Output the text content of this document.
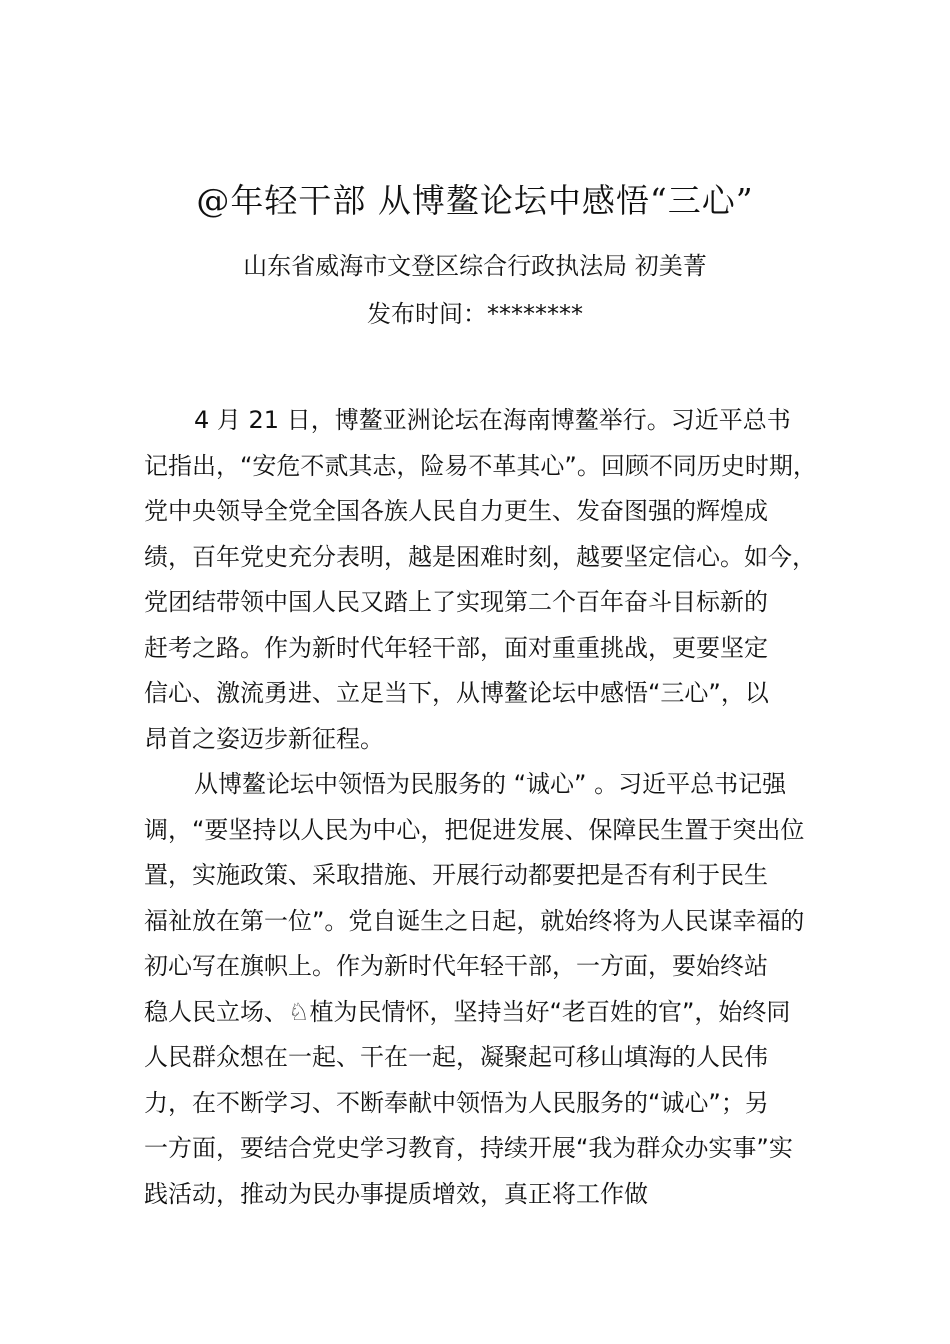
@年轻干部 从博鳌论坛中感悟“三心”
山东省威海市文登区综合行政执法局 初美菁
发布时间：********
4 月 21 日，博鳌亚洲论坛在海南博鳌举行。习近平总书
记指出，“安危不贰其志，险易不革其心”。回顾不同历史时期，
党中央领导全党全国各族人民自力更生、发奋图强的辉煌成
绩，百年党史充分表明，越是困难时刻，越要坚定信心。如今，
党团结带领中国人民又踏上了实现第二个百年奋斗目标新的
赶考之路。作为新时代年轻干部，面对重重挑战，更要坚定
信心、激流勇进、立足当下，从博鳌论坛中感悟“三心”，以
昂首之姿迈步新征程。
从博鳌论坛中领悟为民服务的 “诚心” 。习近平总书记强
调，“要坚持以人民为中心，把促进发展、保障民生置于突出位
置，实施政策、采取措施、开展行动都要把是否有利于民生
福祉放在第一位”。党自诞生之日起，就始终将为人民谋幸福的
初心写在旗帜上。作为新时代年轻干部，一方面，要始终站
稳人民立场、♘植为民情怀，坚持当好“老百姓的官”，始终同
人民群众想在一起、干在一起，凝聚起可移山填海的人民伟
力，在不断学习、不断奉献中领悟为人民服务的“诚心”；另
一方面，要结合党史学习教育，持续开展“我为群众办实事”实
践活动，推动为民办事提质增效，真正将工作做
